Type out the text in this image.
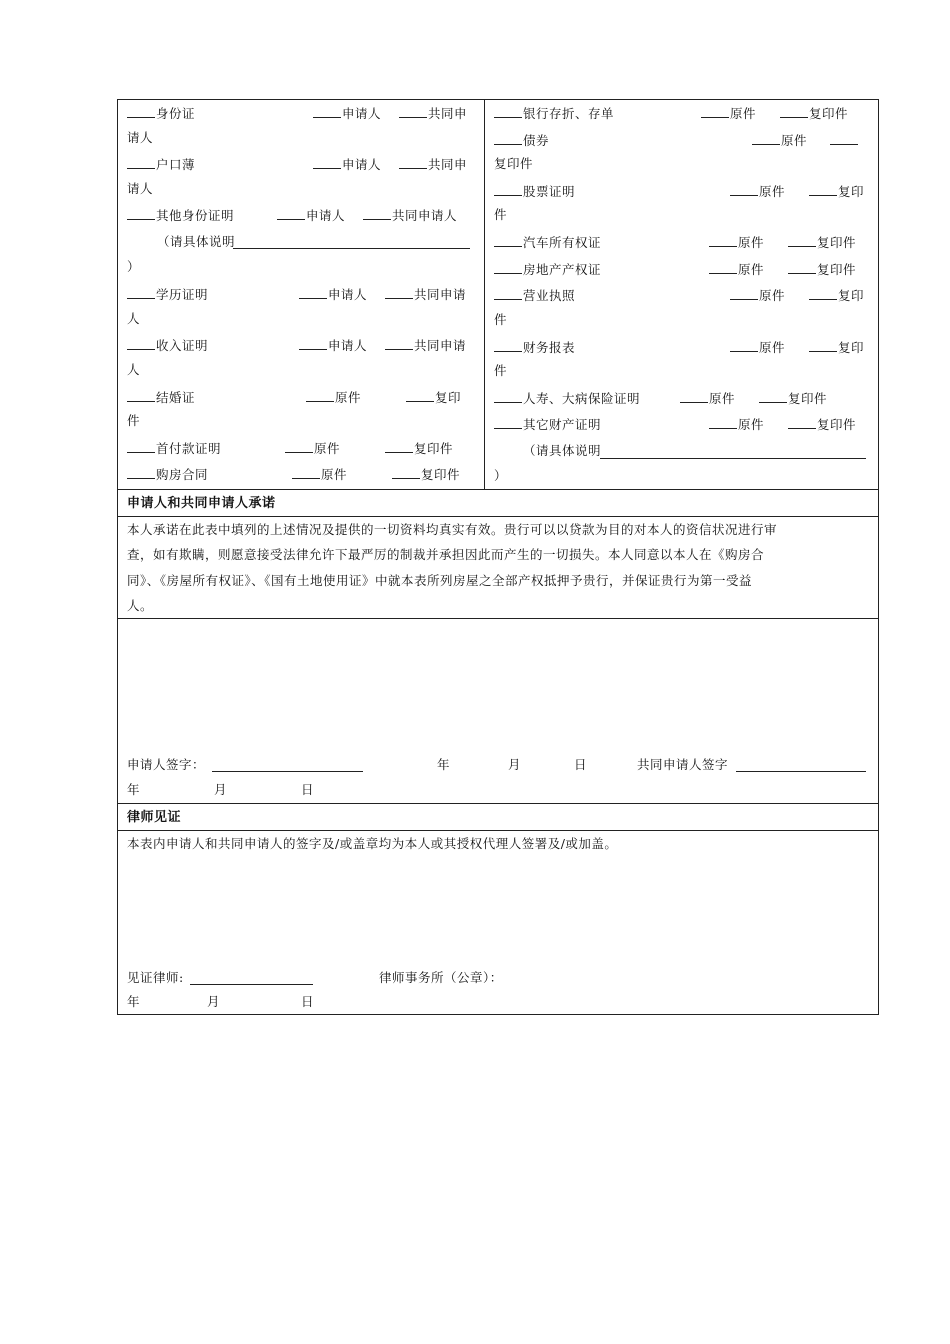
身份证	申请人	共同申
请人
户口薄	申请人	共同申
请人
其他身份证明	申请人	共同申请人
（请具体说明
）
学历证明	申请人	共同申请
人
收入证明	申请人	共同申请
人
结婚证	原件	复印
件
首付款证明	原件	复印件
购房合同	原件	复印件
银行存折、存单	原件	复印件
债券	原件
复印件
股票证明	原件	复印
件
汽车所有权证	原件	复印件
房地产产权证	原件	复印件
营业执照	原件	复印
件
财务报表	原件	复印
件
人寿、大病保险证明	原件	复印件
其它财产证明	原件	复印件
（请具体说明
）
申请人和共同申请人承诺
本人承诺在此表中填列的上述情况及提供的一切资料均真实有效。贵行可以以贷款为目的对本人的资信状况进行审
查，如有欺瞒，则愿意接受法律允许下最严厉的制裁并承担因此而产生的一切损失。本人同意以本人在《购房合
同》、《房屋所有权证》、《国有土地使用证》中就本表所列房屋之全部产权抵押予贵行，并保证贵行为第一受益
人。
申请人签字：	年	月	日	共同申请人签字
年	月	日
律师见证
本表内申请人和共同申请人的签字及/或盖章均为本人或其授权代理人签署及/或加盖。
见证律师:	律师事务所（公章）：
年	月	日
